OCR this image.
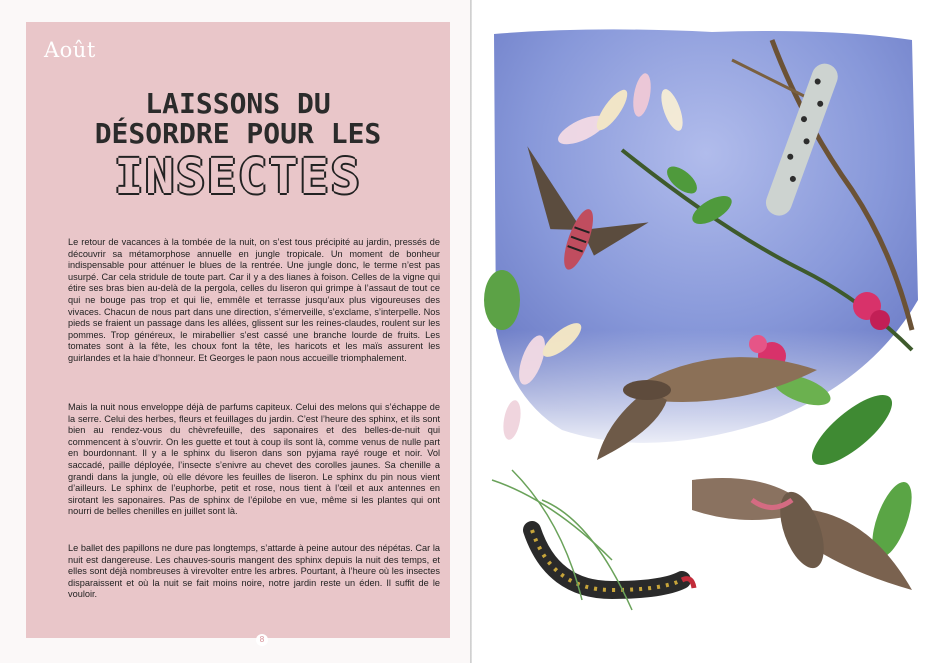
Août
LAISSONS DU
DÉSORDRE POUR LES
INSECTES

Le retour de vacances à la tombée de la nuit, on s’est tous précipité au jardin, pressés de découvrir sa métamorphose annuelle en jungle tropicale. Un moment de bonheur indispensable pour atténuer le blues de la rentrée. Une jungle donc, le terme n’est pas usurpé. Car cela stridule de toute part. Car il y a des lianes à foison. Celles de la vigne qui étire ses bras bien au-delà de la pergola, celles du liseron qui grimpe à l’assaut de tout ce qui ne bouge pas trop et qui lie, emmêle et terrasse jusqu’aux plus vigoureuses des vivaces. Chacun de nous part dans une direction, s’émerveille, s’exclame, s’interpelle. Nos pieds se fraient un passage dans les allées, glissent sur les reines-claudes, roulent sur les pommes. Trop généreux, le mirabellier s’est cassé une branche lourde de fruits. Les tomates sont à la fête, les choux font la tête, les haricots et les maïs assurent les guirlandes et la haie d’honneur. Et Georges le paon nous accueille triomphalement.

Mais la nuit nous enveloppe déjà de parfums capiteux. Celui des melons qui s’échappe de la serre. Celui des herbes, fleurs et feuillages du jardin. C’est l’heure des sphinx, et ils sont bien au rendez-vous du chèvrefeuille, des saponaires et des belles-de-nuit qui commencent à s’ouvrir. On les guette et tout à coup ils sont là, comme venus de nulle part en bourdonnant. Il y a le sphinx du liseron dans son pyjama rayé rouge et noir. Vol saccadé, paille déployée, l’insecte s’enivre au chevet des corolles jaunes. Sa chenille a grandi dans la jungle, où elle dévore les feuilles de liseron. Le sphinx du pin nous vient d’ailleurs. Le sphinx de l’euphorbe, petit et rose, nous tient à l’œil et aux antennes en sirotant les saponaires. Pas de sphinx de l’épilobe en vue, même si les plantes qui ont nourri de belles chenilles en juillet sont là.

Le ballet des papillons ne dure pas longtemps, s’attarde à peine autour des népétas. Car la nuit est dangereuse. Les chauves-souris mangent des sphinx depuis la nuit des temps, et elles sont déjà nombreuses à virevolter entre les arbres. Pourtant, à l’heure où les insectes disparaissent et où la nuit se fait moins noire, notre jardin reste un éden. Il suffit de le vouloir.

8
